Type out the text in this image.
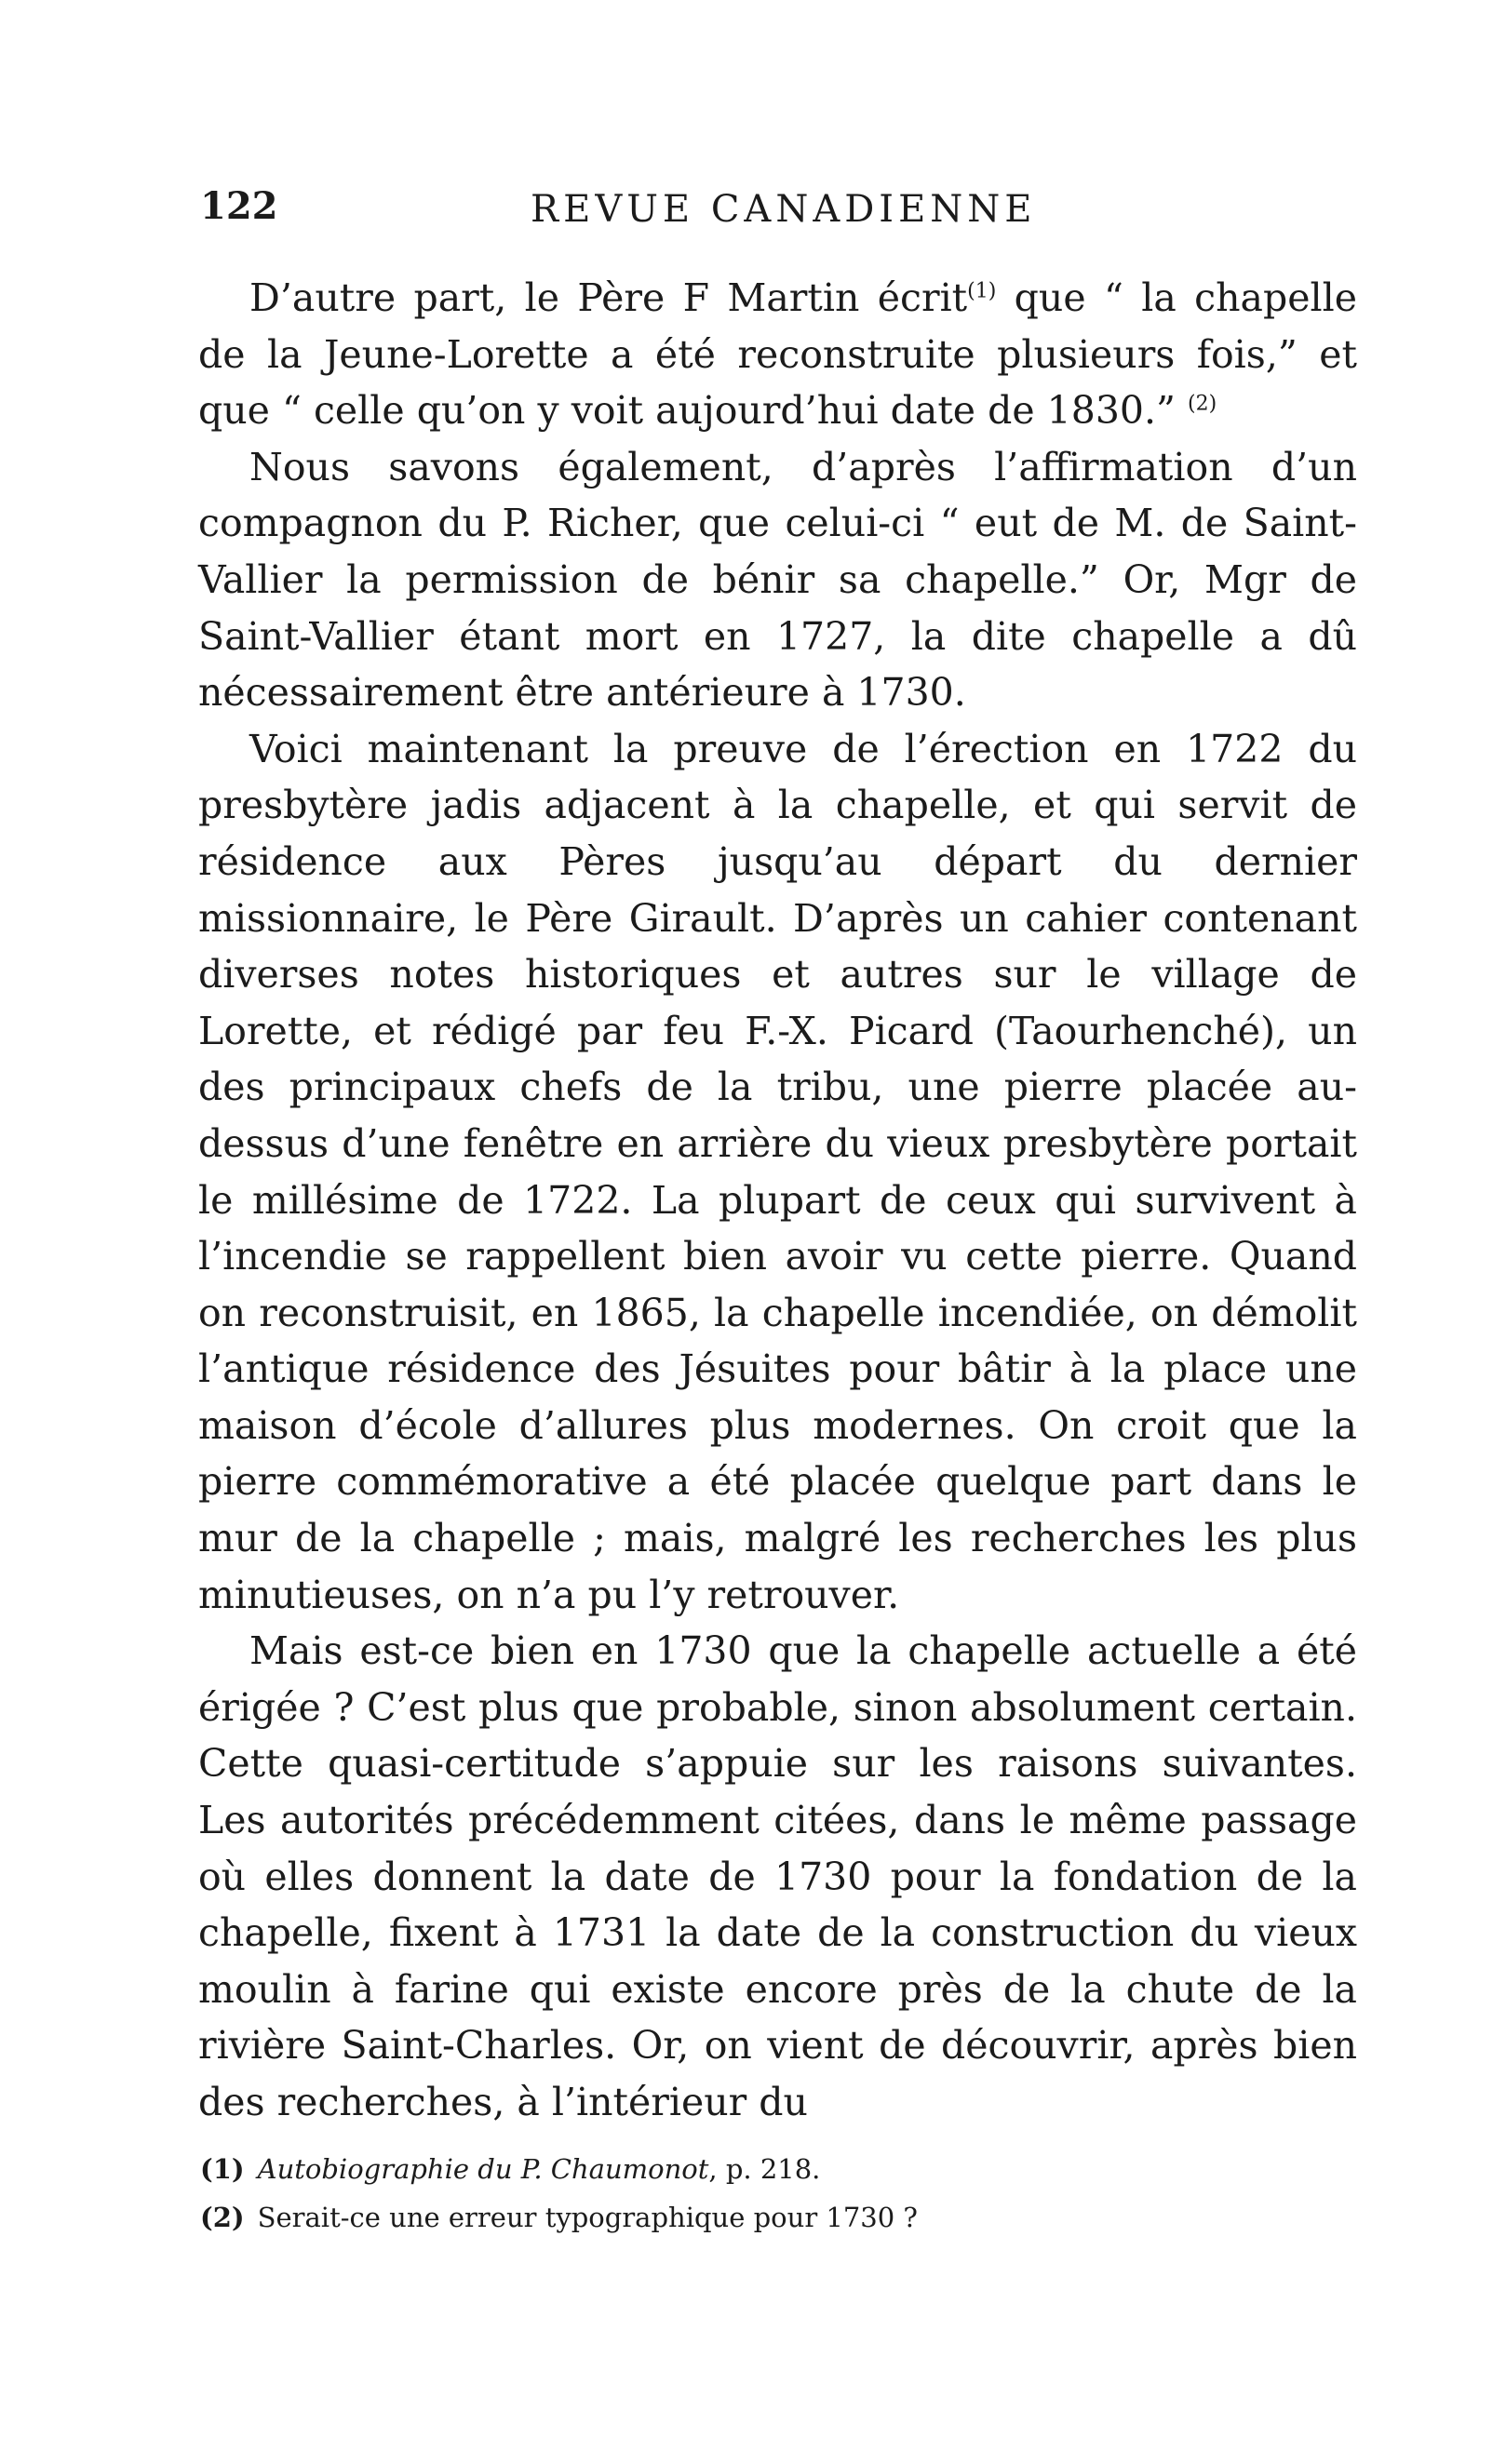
122	REVUE CANADIENNE

D’autre part, le Père F Martin écrit$^{(1)}$ que “ la chapelle de la Jeune-Lorette a été reconstruite plusieurs fois,” et que “ celle qu’on y voit aujourd’hui date de 1830.” $^{(2)}$

Nous savons également, d’après l’affirmation d’un compagnon du P. Richer, que celui-ci “ eut de M. de Saint-Vallier la permission de bénir sa chapelle.” Or, Mgr de Saint-Vallier étant mort en 1727, la dite chapelle a dû nécessairement être antérieure à 1730.

Voici maintenant la preuve de l’érection en 1722 du presbytère jadis adjacent à la chapelle, et qui servit de résidence aux Pères jusqu’au départ du dernier missionnaire, le Père Girault. D’après un cahier contenant diverses notes historiques et autres sur le village de Lorette, et rédigé par feu F.-X. Picard (Taourhenché), un des principaux chefs de la tribu, une pierre placée au-dessus d’une fenêtre en arrière du vieux presbytère portait le millésime de 1722. La plupart de ceux qui survivent à l’incendie se rappellent bien avoir vu cette pierre. Quand on reconstruisit, en 1865, la chapelle incendiée, on démolit l’antique résidence des Jésuites pour bâtir à la place une maison d’école d’allures plus modernes. On croit que la pierre commémorative a été placée quelque part dans le mur de la chapelle ; mais, malgré les recherches les plus minutieuses, on n’a pu l’y retrouver.

Mais est-ce bien en 1730 que la chapelle actuelle a été érigée ? C’est plus que probable, sinon absolument certain. Cette quasi-certitude s’appuie sur les raisons suivantes. Les autorités précédemment citées, dans le même passage où elles donnent la date de 1730 pour la fondation de la chapelle, fixent à 1731 la date de la construction du vieux moulin à farine qui existe encore près de la chute de la rivière Saint-Charles. Or, on vient de découvrir, après bien des recherches, à l’intérieur du

(1) Autobiographie du P. Chaumonot, p. 218.
(2) Serait-ce une erreur typographique pour 1730 ?
